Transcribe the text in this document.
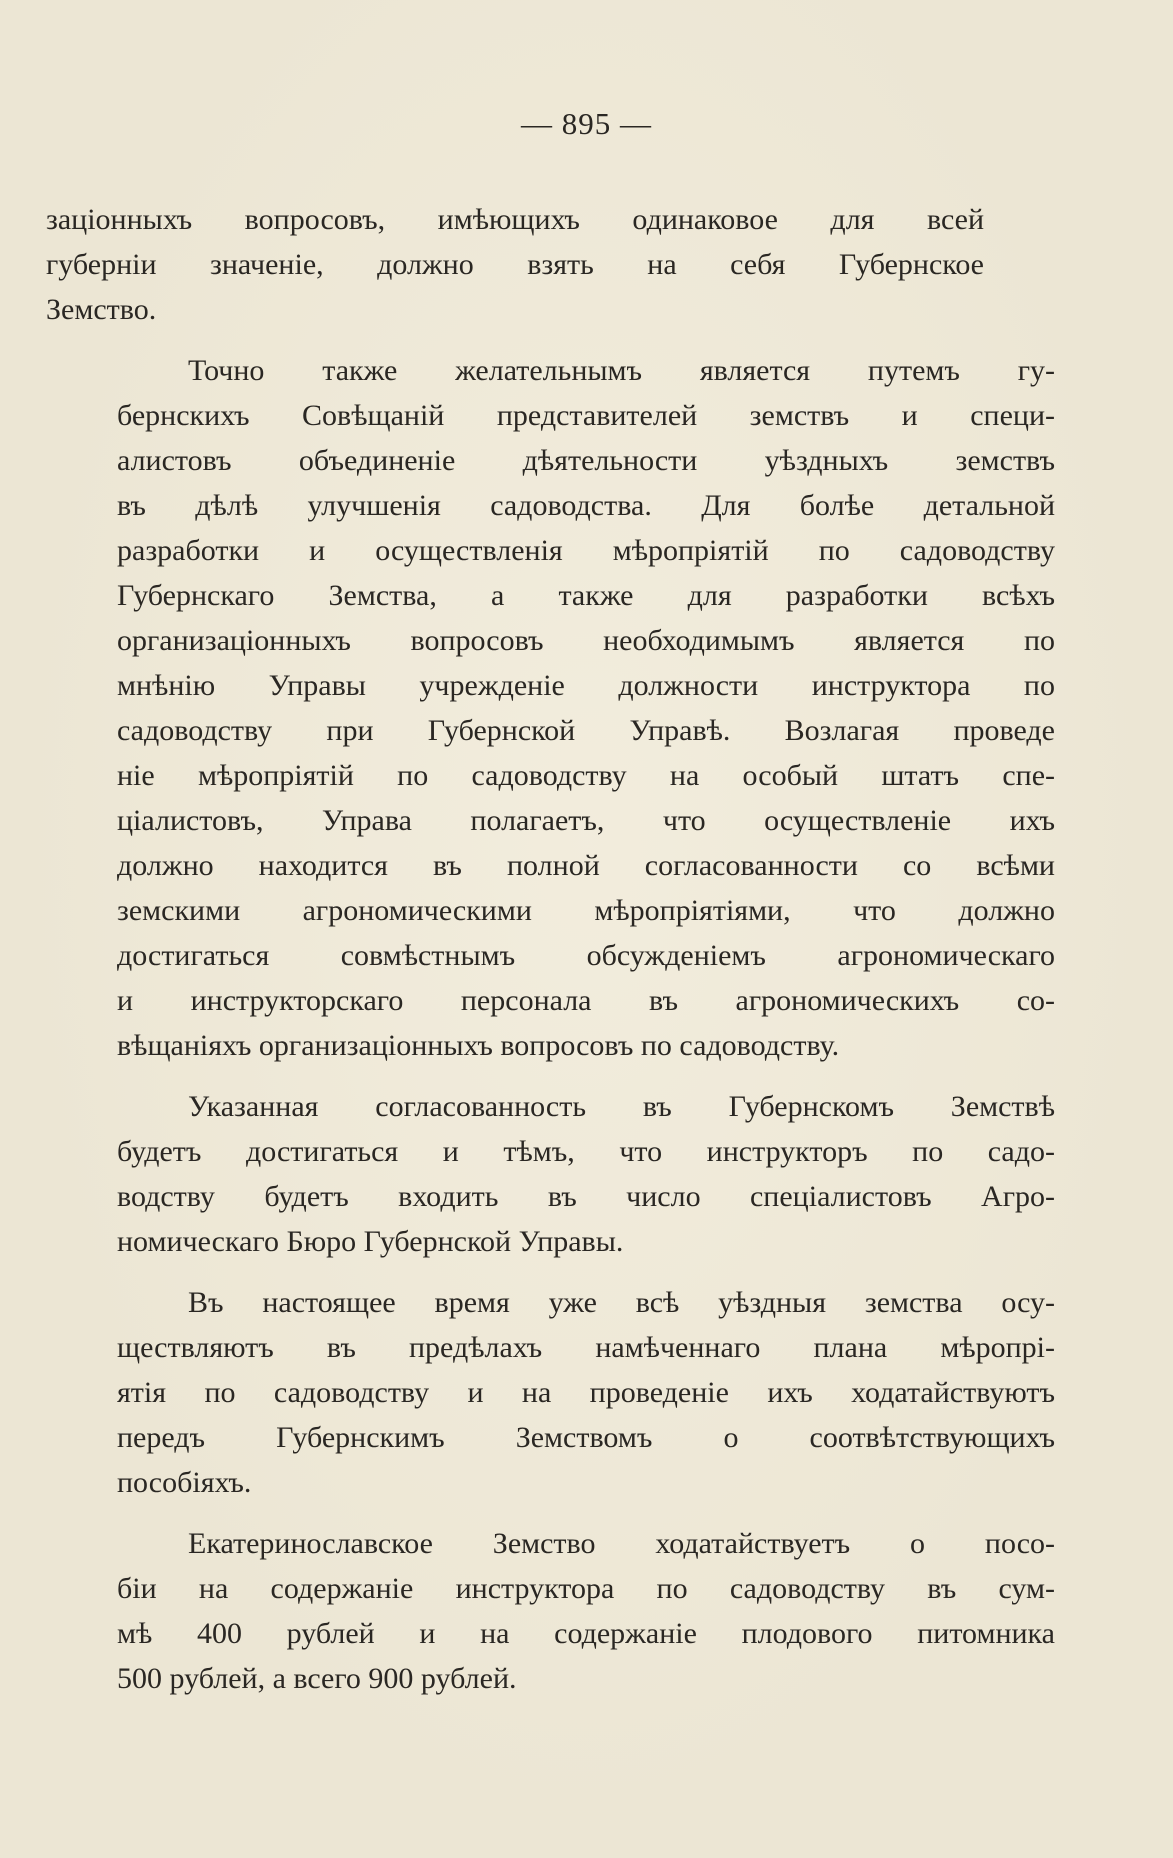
— 895 —

заціонныхъ вопросовъ, имѣющихъ одинаковое для всей
губерніи значеніе, должно взять на себя Губернское
Земство.

Точно также желательнымъ является путемъ гу-
бернскихъ Совѣщаній представителей земствъ и специ-
алистовъ объединеніе дѣятельности уѣздныхъ земствъ
въ дѣлѣ улучшенія садоводства. Для болѣе детальной
разработки и осуществленія мѣропріятій по садоводству
Губернскаго Земства, а также для разработки всѣхъ
организаціонныхъ вопросовъ необходимымъ является по
мнѣнію Управы учрежденіе должности инструктора по
садоводству при Губернской Управѣ. Возлагая проведе
ніе мѣропріятій по садоводству на особый штатъ спе-
ціалистовъ, Управа полагаетъ, что осуществленіе ихъ
должно находится въ полной согласованности со всѣми
земскими агрономическими мѣропріятіями, что должно
достигаться совмѣстнымъ обсужденіемъ агрономическаго
и инструкторскаго персонала въ агрономическихъ со-
вѣщаніяхъ организаціонныхъ вопросовъ по садоводству.

Указанная согласованность въ Губернскомъ Земствѣ
будетъ достигаться и тѣмъ, что инструкторъ по садо-
водству будетъ входить въ число спеціалистовъ Агро-
номическаго Бюро Губернской Управы.

Въ настоящее время уже всѣ уѣздныя земства осу-
ществляютъ въ предѣлахъ намѣченнаго плана мѣропрі-
ятія по садоводству и на проведеніе ихъ ходатайствуютъ
передъ Губернскимъ Земствомъ о соотвѣтствующихъ
пособіяхъ.

Екатеринославское Земство ходатайствуетъ о посо-
біи на содержаніе инструктора по садоводству въ сум-
мѣ 400 рублей и на содержаніе плодового питомника
500 рублей, а всего 900 рублей.
